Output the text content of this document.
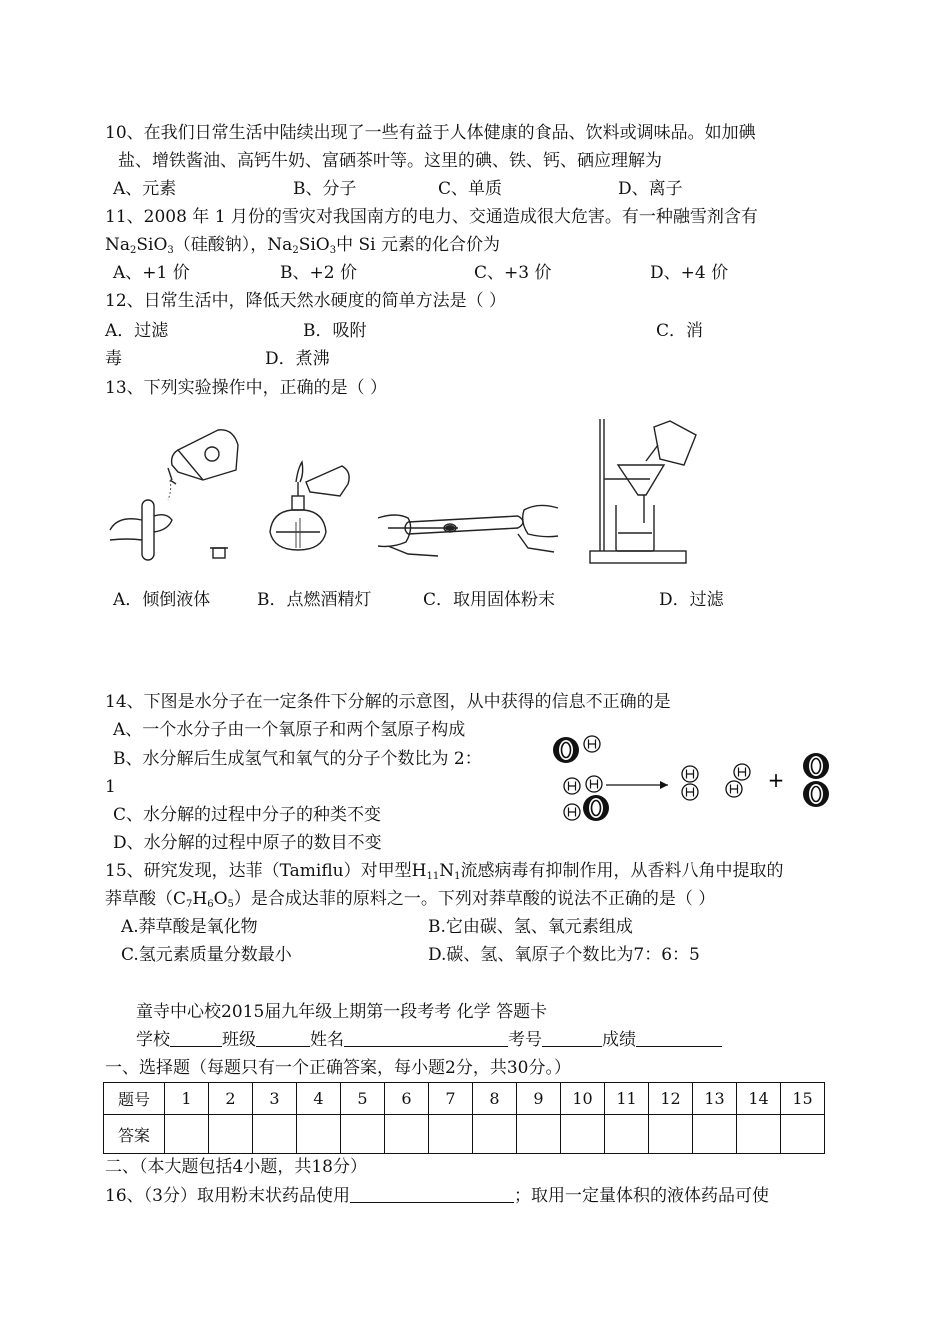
10、在我们日常生活中陆续出现了一些有益于人体健康的食品、饮料或调味品。如加碘
盐、增铁酱油、高钙牛奶、富硒茶叶等。这里的碘、铁、钙、硒应理解为
A、元素	B、分子	C、单质	D、离子
11、2008 年 1 月份的雪灾对我国南方的电力、交通造成很大危害。有一种融雪剂含有
$Na_2SiO_3$（硅酸钠），$Na_2SiO_3$中 Si 元素的化合价为
A、+1 价	B、+2 价	C、+3 价	D、+4 价
12、日常生活中，降低天然水硬度的简单方法是（ ）
A．过滤	B．吸附	C．消
毒	D．煮沸
13、下列实验操作中，正确的是（ ）
A．倾倒液体	B．点燃酒精灯	C．取用固体粉末	D．过滤
14、下图是水分子在一定条件下分解的示意图，从中获得的信息不正确的是
A、一个水分子由一个氧原子和两个氢原子构成
B、水分解后生成氢气和氧气的分子个数比为 2：
1
C、水分解的过程中分子的种类不变
D、水分解的过程中原子的数目不变
+
15、研究发现，达菲（Tamiflu）对甲型$H_{11}N_1$流感病毒有抑制作用，从香料八角中提取的
莽草酸$(C_7H_6O_5)$是合成达菲的原料之一。下列对莽草酸的说法不正确的是（ ）
A.莽草酸是氧化物	B.它由碳、氢、氧元素组成
C.氢元素质量分数最小	D.碳、氢、氧原子个数比为7：6：5
童寺中心校2015届九年级上期第一段考考 化学 答题卡
学校	班级	姓名	考号	成绩
一、选择题（每题只有一个正确答案，每小题2分，共30分。）
题号	1	2	3	4	5	6	7	8	9	10	11	12	13	14	15
答案															
二、（本大题包括4小题，共18分）
16、（3分）取用粉末状药品使用	；取用一定量体积的液体药品可使
